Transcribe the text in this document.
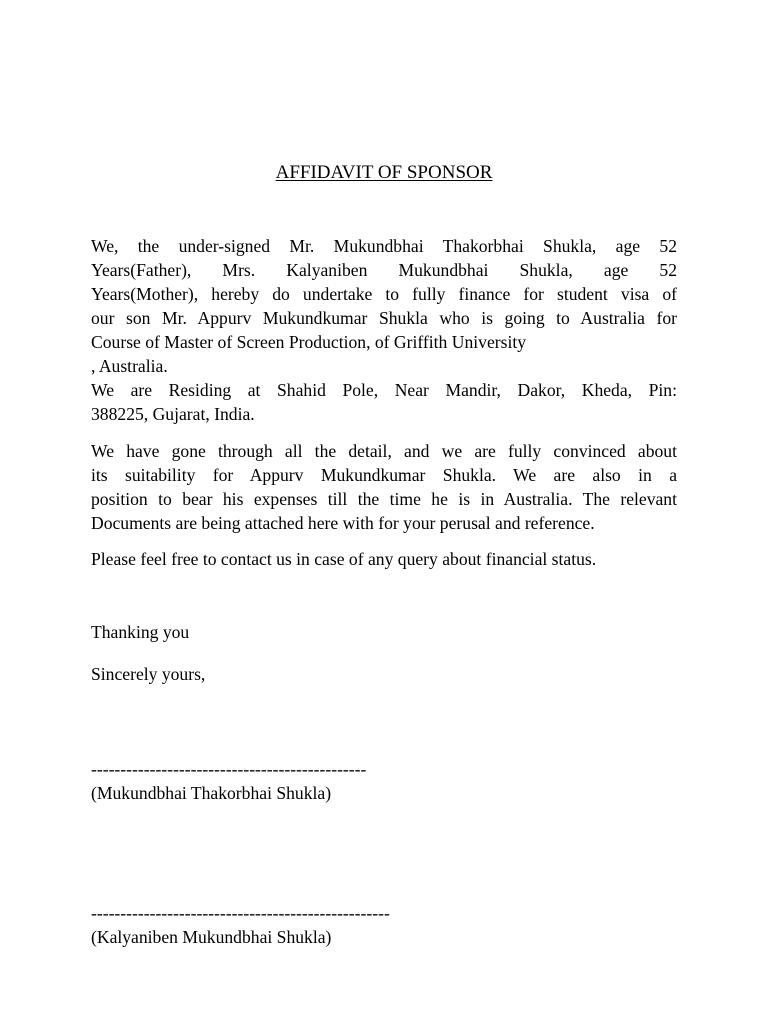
AFFIDAVIT OF SPONSOR
We, the under-signed Mr. Mukundbhai Thakorbhai Shukla, age 52
Years(Father), Mrs. Kalyaniben Mukundbhai Shukla, age 52
Years(Mother), hereby do undertake to fully finance for student visa of
our son Mr. Appurv Mukundkumar Shukla who is going to Australia for
Course of Master of Screen Production, of Griffith University
, Australia.
We are Residing at Shahid Pole, Near Mandir, Dakor, Kheda, Pin:
388225, Gujarat, India.
We have gone through all the detail, and we are fully convinced about
its suitability for Appurv Mukundkumar Shukla. We are also in a
position to bear his expenses till the time he is in Australia. The relevant
Documents are being attached here with for your perusal and reference.
Please feel free to contact us in case of any query about financial status.
Thanking you
Sincerely yours,
-----------------------------------------------
(Mukundbhai Thakorbhai Shukla)
---------------------------------------------------
(Kalyaniben Mukundbhai Shukla)
